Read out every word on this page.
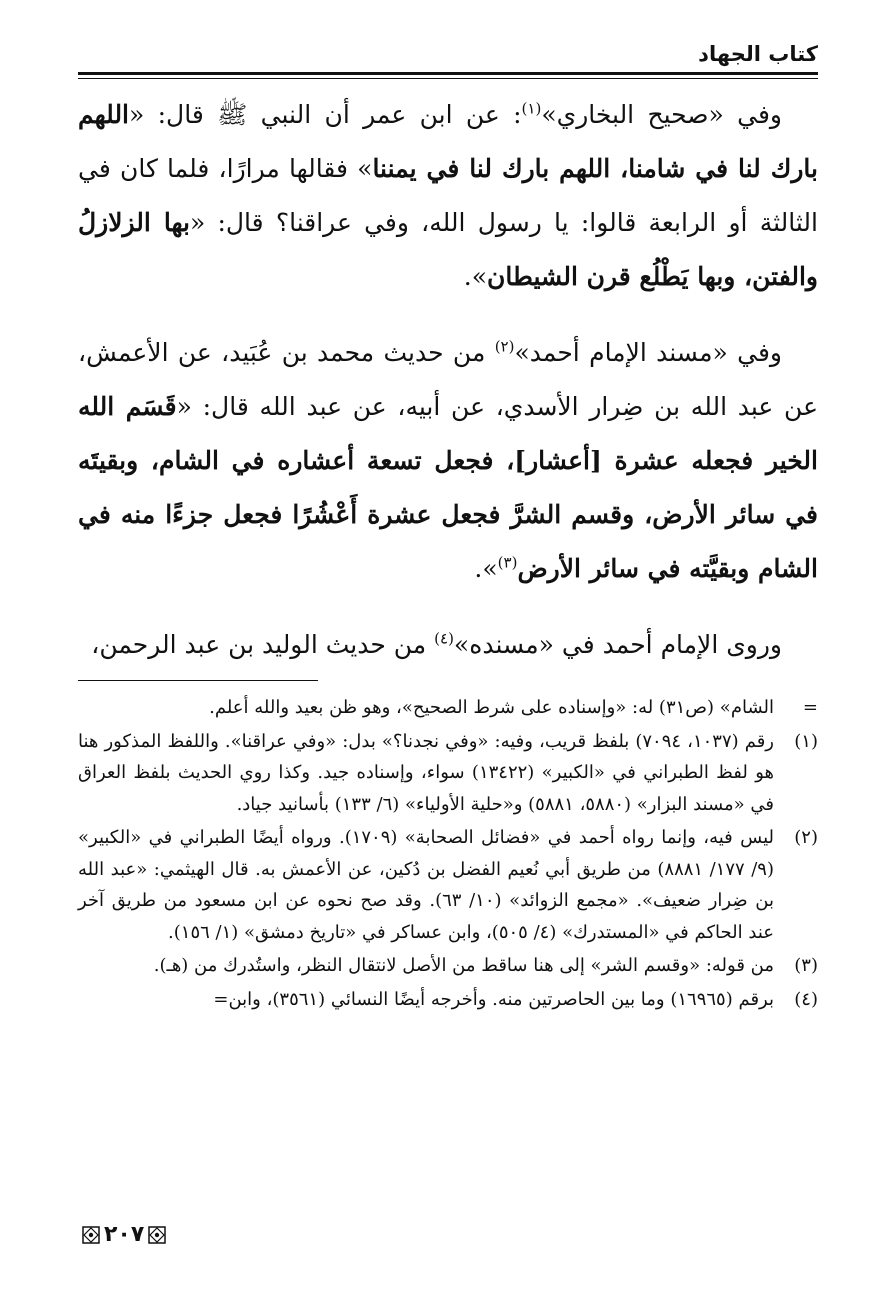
كتاب الجهاد

وفي «صحيح البخاري»$^{(١)}$: عن ابن عمر أن النبي ﷺ قال: «اللهم بارك لنا في شامنا، اللهم بارك لنا في يمننا» فقالها مرارًا، فلما كان في الثالثة أو الرابعة قالوا: يا رسول الله، وفي عراقنا؟ قال: «بها الزلازلُ والفتن، وبها يَطْلُع قرن الشيطان».

وفي «مسند الإمام أحمد»$^{(٢)}$ من حديث محمد بن عُبَيد، عن الأعمش، عن عبد الله بن ضِرار الأسدي، عن أبيه، عن عبد الله قال: «قَسَم الله الخير فجعله عشرة [أعشار]، فجعل تسعة أعشاره في الشام، وبقيتَه في سائر الأرض، وقسم الشرَّ فجعل عشرة أَعْشُرًا فجعل جزءًا منه في الشام وبقيَّته في سائر الأرض$^{(٣)}$».

وروى الإمام أحمد في «مسنده»$^{(٤)}$ من حديث الوليد بن عبد الرحمن،

=
الشام» (ص٣١) له: «وإسناده على شرط الصحيح»، وهو ظن بعيد والله أعلم.
(١)
رقم (١٠٣٧، ٧٠٩٤) بلفظ قريب، وفيه: «وفي نجدنا؟» بدل: «وفي عراقنا». واللفظ المذكور هنا هو لفظ الطبراني في «الكبير» (١٣٤٢٢) سواء، وإسناده جيد. وكذا روي الحديث بلفظ العراق في «مسند البزار» (٥٨٨٠، ٥٨٨١) و«حلية الأولياء» (٦/ ١٣٣) بأسانيد جياد.
(٢)
ليس فيه، وإنما رواه أحمد في «فضائل الصحابة» (١٧٠٩). ورواه أيضًا الطبراني في «الكبير» (٩/ ١٧٧/ ٨٨٨١) من طريق أبي نُعيم الفضل بن دُكين، عن الأعمش به. قال الهيثمي: «عبد الله بن ضِرار ضعيف». «مجمع الزوائد» (١٠/ ٦٣). وقد صح نحوه عن ابن مسعود من طريق آخر عند الحاكم في «المستدرك» (٤/ ٥٠٥)، وابن عساكر في «تاريخ دمشق» (١/ ١٥٦).
(٣)
من قوله: «وقسم الشر» إلى هنا ساقط من الأصل لانتقال النظر، واستُدرك من (هـ).
(٤)
برقم (١٦٩٦٥) وما بين الحاصرتين منه. وأخرجه أيضًا النسائي (٣٥٦١)، وابن=
٢٠٧
